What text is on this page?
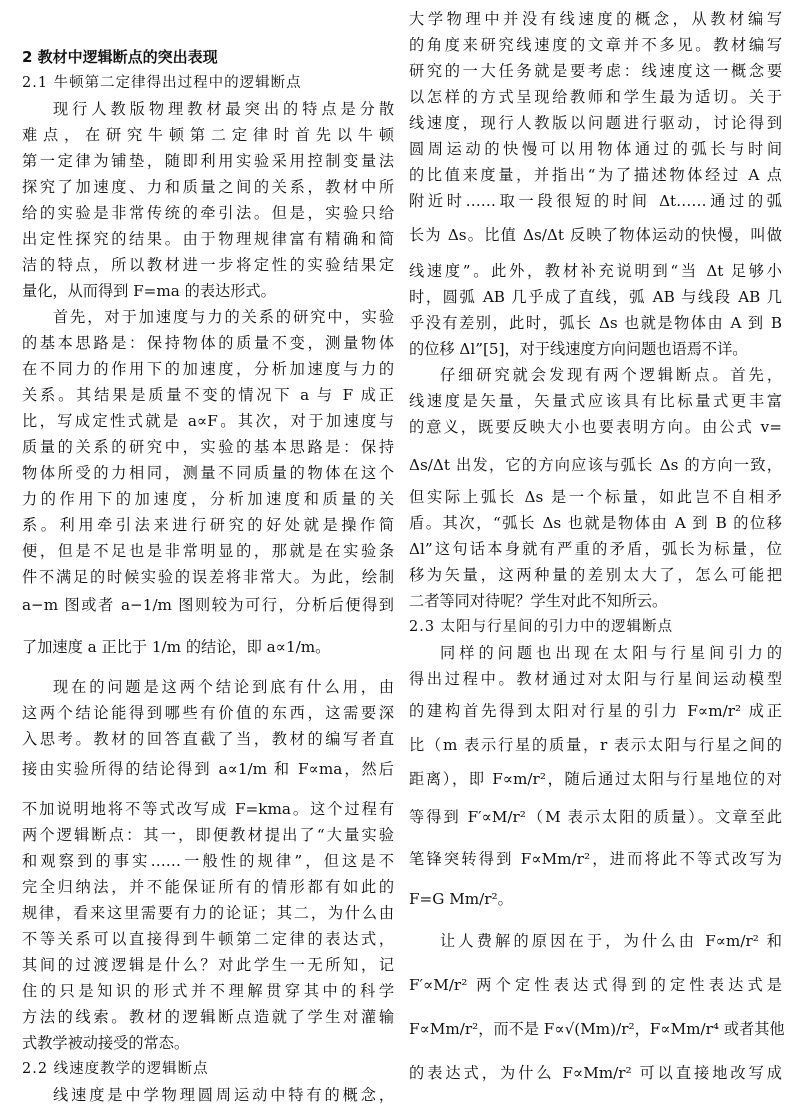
2 教材中逻辑断点的突出表现
2.1 牛顿第二定律得出过程中的逻辑断点
现行人教版物理教材最突出的特点是分散
难点，在研究牛顿第二定律时首先以牛顿
第一定律为铺垫，随即利用实验采用控制变量法
探究了加速度、力和质量之间的关系，教材中所
给的实验是非常传统的牵引法。但是，实验只给
出定性探究的结果。由于物理规律富有精确和简
洁的特点，所以教材进一步将定性的实验结果定
量化，从而得到 F=ma 的表达形式。
首先，对于加速度与力的关系的研究中，实验
的基本思路是：保持物体的质量不变，测量物体
在不同力的作用下的加速度，分析加速度与力的
关系。其结果是质量不变的情况下 a 与 F 成正
比，写成定性式就是 a∝F。其次，对于加速度与
质量的关系的研究中，实验的基本思路是：保持
物体所受的力相同，测量不同质量的物体在这个
力的作用下的加速度，分析加速度和质量的关
系。利用牵引法来进行研究的好处就是操作简
便，但是不足也是非常明显的，那就是在实验条
件不满足的时候实验的误差将非常大。为此，绘制
a−m 图或者 a−1/m 图则较为可行，分析后便得到
了加速度 a 正比于 1/m 的结论，即 a∝1/m。
现在的问题是这两个结论到底有什么用，由
这两个结论能得到哪些有价值的东西，这需要深
入思考。教材的回答直截了当，教材的编写者直
接由实验所得的结论得到 a∝1/m 和 F∝ma，然后
不加说明地将不等式改写成 F=kma。这个过程有
两个逻辑断点：其一，即便教材提出了“大量实验
和观察到的事实……一般性的规律”，但这是不
完全归纳法，并不能保证所有的情形都有如此的
规律，看来这里需要有力的论证；其二，为什么由
不等关系可以直接得到牛顿第二定律的表达式，
其间的过渡逻辑是什么？对此学生一无所知，记
住的只是知识的形式并不理解贯穿其中的科学
方法的线索。教材的逻辑断点造就了学生对灌输
式教学被动接受的常态。
2.2 线速度教学的逻辑断点
线速度是中学物理圆周运动中特有的概念，
大学物理中并没有线速度的概念，从教材编写
的角度来研究线速度的文章并不多见。教材编写
研究的一大任务就是要考虑：线速度这一概念要
以怎样的方式呈现给教师和学生最为适切。关于
线速度，现行人教版以问题进行驱动，讨论得到
圆周运动的快慢可以用物体通过的弧长与时间
的比值来度量，并指出“为了描述物体经过 A 点
附近时……取一段很短的时间 Δt……通过的弧
长为 Δs。比值 Δs/Δt 反映了物体运动的快慢，叫做
线速度”。此外，教材补充说明到“当 Δt 足够小
时，圆弧 AB 几乎成了直线，弧 AB 与线段 AB 几
乎没有差别，此时，弧长 Δs 也就是物体由 A 到 B
的位移 Δl”[5]，对于线速度方向问题也语焉不详。
仔细研究就会发现有两个逻辑断点。首先，
线速度是矢量，矢量式应该具有比标量式更丰富
的意义，既要反映大小也要表明方向。由公式 v=
Δs/Δt 出发，它的方向应该与弧长 Δs 的方向一致，
但实际上弧长 Δs 是一个标量，如此岂不自相矛
盾。其次，“弧长 Δs 也就是物体由 A 到 B 的位移
Δl”这句话本身就有严重的矛盾，弧长为标量，位
移为矢量，这两种量的差别太大了，怎么可能把
二者等同对待呢？学生对此不知所云。
2.3 太阳与行星间的引力中的逻辑断点
同样的问题也出现在太阳与行星间引力的
得出过程中。教材通过对太阳与行星间运动模型
的建构首先得到太阳对行星的引力 F∝m/r² 成正
比（m 表示行星的质量，r 表示太阳与行星之间的
距离），即 F∝m/r²，随后通过太阳与行星地位的对
等得到 F′∝M/r²（M 表示太阳的质量）。文章至此
笔锋突转得到 F∝Mm/r²，进而将此不等式改写为
F=G Mm/r²。
让人费解的原因在于，为什么由 F∝m/r² 和
F′∝M/r² 两个定性表达式得到的定性表达式是
F∝Mm/r²，而不是 F∝√(Mm)/r²，F∝Mm/r⁴ 或者其他
的表达式，为什么 F∝Mm/r² 可以直接地改写成
